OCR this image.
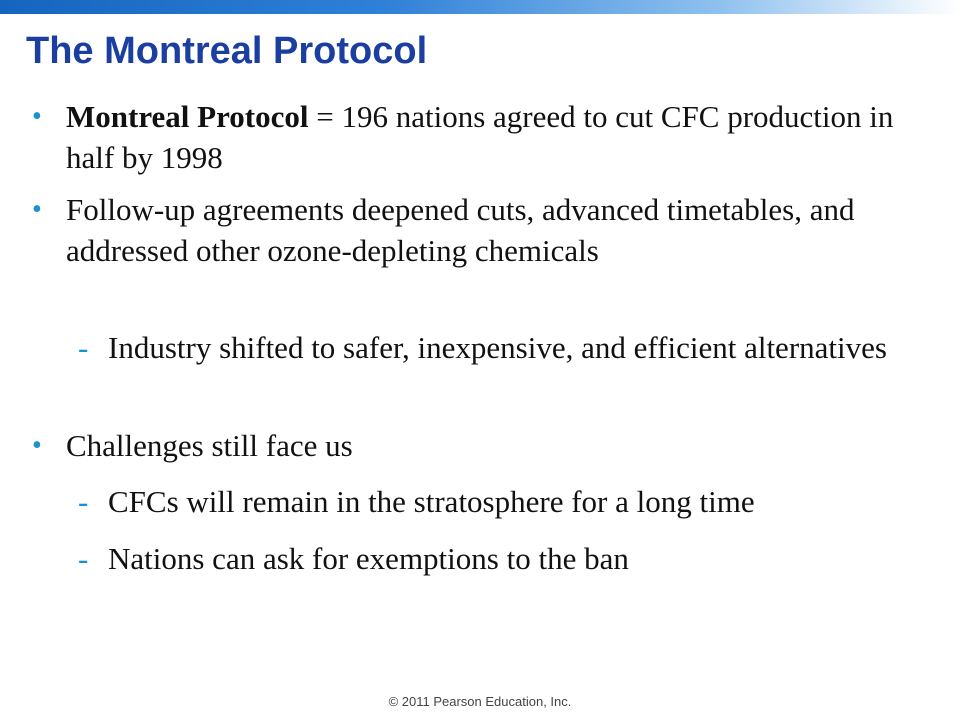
The Montreal Protocol
• Montreal Protocol = 196 nations agreed to cut CFC production in half by 1998
• Follow-up agreements deepened cuts, advanced timetables, and addressed other ozone-depleting chemicals
- Industry shifted to safer, inexpensive, and efficient alternatives
• Challenges still face us
- CFCs will remain in the stratosphere for a long time
- Nations can ask for exemptions to the ban
© 2011 Pearson Education, Inc.
